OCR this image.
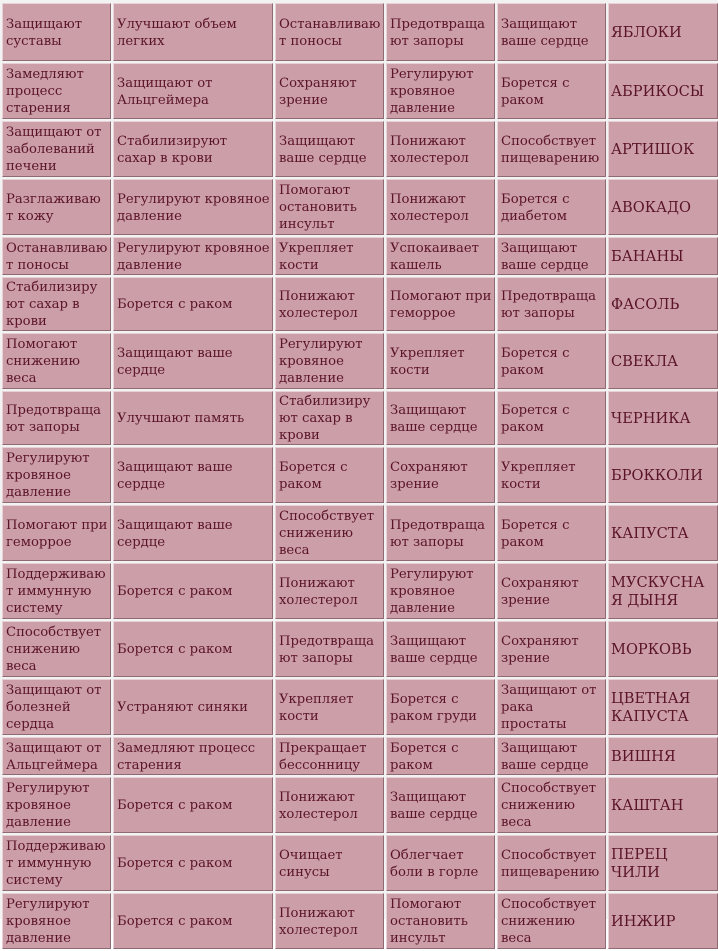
Защищают суставы	Улучшают объем легких	Останавливают поносы	Предотвращают запоры	Защищают ваше сердце	ЯБЛОКИ
Замедляют процесс старения	Защищают от Альцгеймера	Сохраняют зрение	Регулируют кровяное давление	Борется с раком	АБРИКОСЫ
Защищают от заболеваний печени	Стабилизируют сахар в крови	Защищают ваше сердце	Понижают холестерол	Способствует пищеварению	АРТИШОК
Разглаживают кожу	Регулируют кровяное давление	Помогают остановить инсульт	Понижают холестерол	Борется с диабетом	АВОКАДО
Останавливают поносы	Регулируют кровяное давление	Укрепляет кости	Успокаивает кашель	Защищают ваше сердце	БАНАНЫ
Стабилизируют сахар в крови	Борется с раком	Понижают холестерол	Помогают при геморрое	Предотвращают запоры	ФАСОЛЬ
Помогают снижению веса	Защищают ваше сердце	Регулируют кровяное давление	Укрепляет кости	Борется с раком	СВЕКЛА
Предотвращают запоры	Улучшают память	Стабилизируют сахар в крови	Защищают ваше сердце	Борется с раком	ЧЕРНИКА
Регулируют кровяное давление	Защищают ваше сердце	Борется с раком	Сохраняют зрение	Укрепляет кости	БРОККОЛИ
Помогают при геморрое	Защищают ваше сердце	Способствует снижению веса	Предотвращают запоры	Борется с раком	КАПУСТА
Поддерживают иммунную систему	Борется с раком	Понижают холестерол	Регулируют кровяное давление	Сохраняют зрение	МУСКУСНАЯ ДЫНЯ
Способствует снижению веса	Борется с раком	Предотвращают запоры	Защищают ваше сердце	Сохраняют зрение	МОРКОВЬ
Защищают от болезней сердца	Устраняют синяки	Укрепляет кости	Борется с раком груди	Защищают от рака простаты	ЦВЕТНАЯ КАПУСТА
Защищают от Альцгеймера	Замедляют процесс старения	Прекращает бессонницу	Борется с раком	Защищают ваше сердце	ВИШНЯ
Регулируют кровяное давление	Борется с раком	Понижают холестерол	Защищают ваше сердце	Способствует снижению веса	КАШТАН
Поддерживают иммунную систему	Борется с раком	Очищает синусы	Облегчает боли в горле	Способствует пищеварению	ПЕРЕЦ ЧИЛИ
Регулируют кровяное давление	Борется с раком	Понижают холестерол	Помогают остановить инсульт	Способствует снижению веса	ИНЖИР
